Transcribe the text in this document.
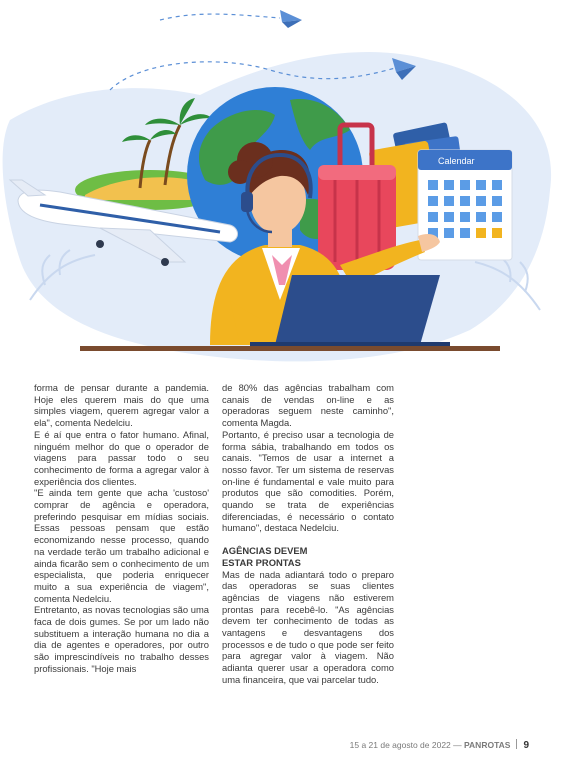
Calendar

forma de pensar durante a pandemia. Hoje eles querem mais do que uma simples viagem, querem agregar valor a ela", comenta Nedelciu.

E é aí que entra o fator humano. Afinal, ninguém melhor do que o operador de viagens para passar todo o seu conhecimento de forma a agregar valor à experiência dos clientes.

"E ainda tem gente que acha 'custoso' comprar de agência e operadora, preferindo pesquisar em mídias sociais. Essas pessoas pensam que estão economizando nesse processo, quando na verdade terão um trabalho adicional e ainda ficarão sem o conhecimento de um especialista, que poderia enriquecer muito a sua experiência de viagem", comenta Nedelciu.

Entretanto, as novas tecnologias são uma faca de dois gumes. Se por um lado não substituem a interação humana no dia a dia de agentes e operadores, por outro são imprescindíveis no trabalho desses profissionais. "Hoje mais

de 80% das agências trabalham com canais de vendas on-line e as operadoras seguem neste caminho", comenta Magda.

Portanto, é preciso usar a tecnologia de forma sábia, trabalhando em todos os canais. "Temos de usar a internet a nosso favor. Ter um sistema de reservas on-line é fundamental e vale muito para produtos que são comodities. Porém, quando se trata de experiências diferenciadas, é necessário o contato humano", destaca Nedelciu.

AGÊNCIAS DEVEM
ESTAR PRONTAS

Mas de nada adiantará todo o preparo das operadoras se suas clientes agências de viagens não estiverem prontas para recebê-lo. "As agências devem ter conhecimento de todas as vantagens e desvantagens dos processos e de tudo o que pode ser feito para agregar valor à viagem. Não adianta querer usar a operadora como uma financeira, que vai parcelar tudo.

15 a 21 de agosto de 2022 — PANROTAS 9
